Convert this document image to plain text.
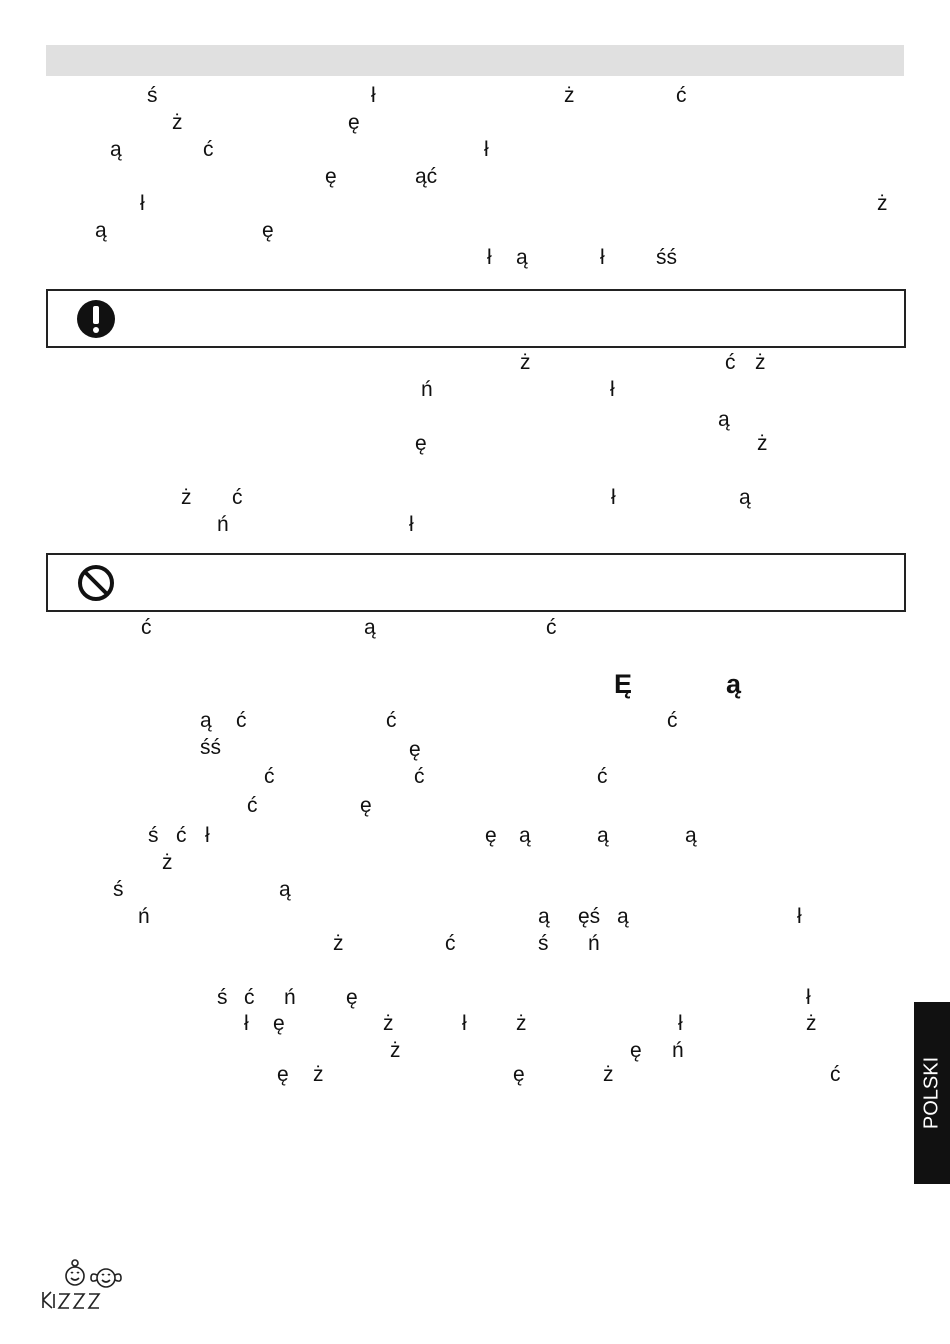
ś	ł	ż	ć
ż	ę
ą	ć	ł
ę	ąć
ł	ż
ą	ę
ł ą	ł śś
ż	ć ż
ń	ł
ą
ę	ż
ż ć	ł	ą
ń	ł
ć	ą	ć
Ę	ą
ą ć	ć	ć
śś	ę
ć	ć	ć
ć	ę
ś ć ł	ę ą	ą	ą
ż
ś	ą
ń	ą ęś ą	ł
ż	ć	ś ń
ś ć ń ę	ł
ł ę	ż	ł ż	ł	ż
ż	ę ń
ę ż	ę	ż	ć	POLSKI
